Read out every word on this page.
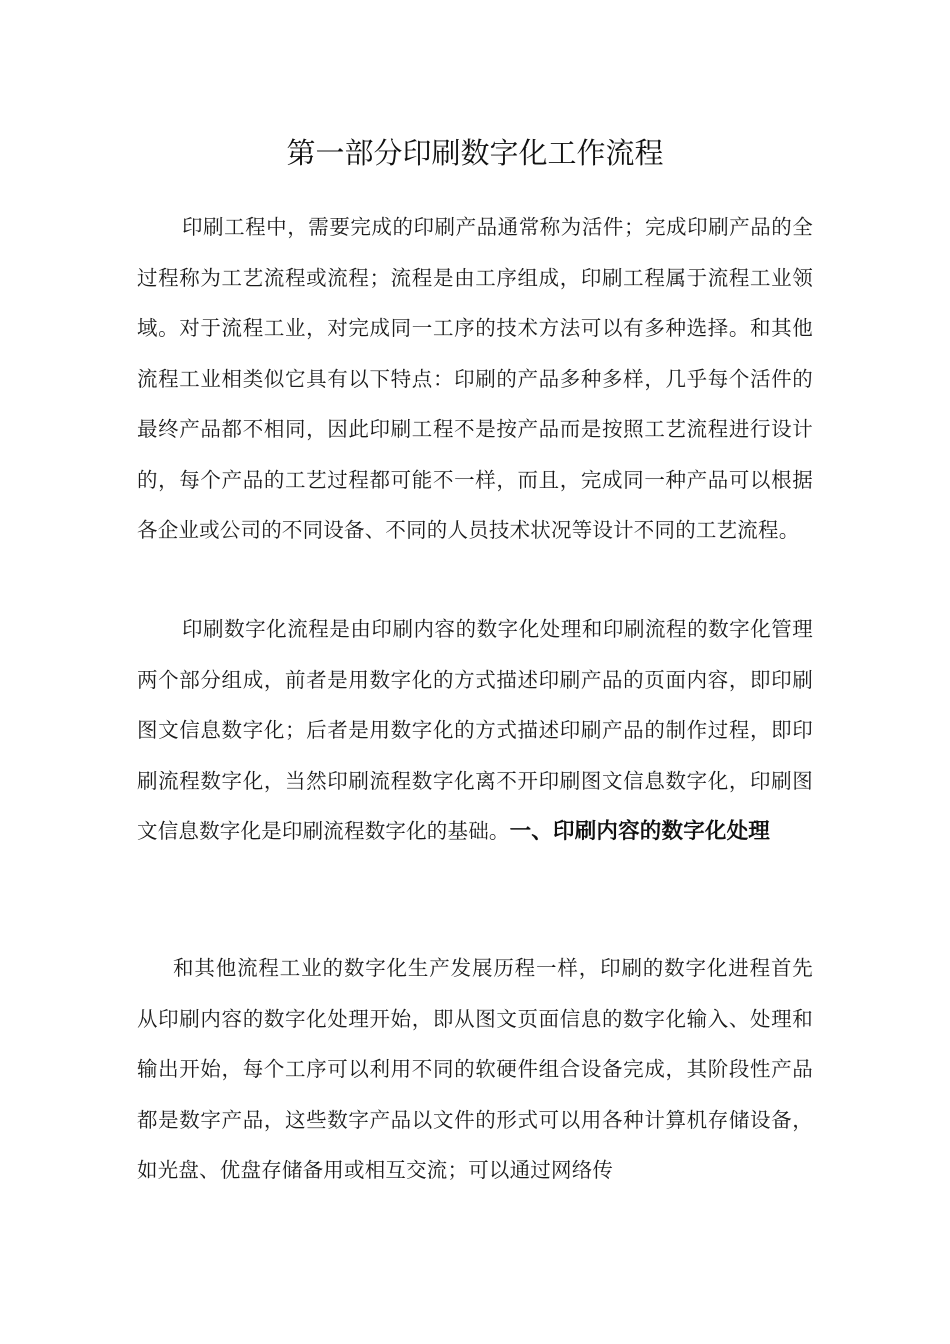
第一部分印刷数字化工作流程

印刷工程中，需要完成的印刷产品通常称为活件；完成印刷产品的全过程称为工艺流程或流程；流程是由工序组成，印刷工程属于流程工业领域。对于流程工业，对完成同一工序的技术方法可以有多种选择。和其他流程工业相类似它具有以下特点：印刷的产品多种多样，几乎每个活件的最终产品都不相同，因此印刷工程不是按产品而是按照工艺流程进行设计的，每个产品的工艺过程都可能不一样，而且，完成同一种产品可以根据各企业或公司的不同设备、不同的人员技术状况等设计不同的工艺流程。

印刷数字化流程是由印刷内容的数字化处理和印刷流程的数字化管理两个部分组成，前者是用数字化的方式描述印刷产品的页面内容，即印刷图文信息数字化；后者是用数字化的方式描述印刷产品的制作过程，即印刷流程数字化，当然印刷流程数字化离不开印刷图文信息数字化，印刷图文信息数字化是印刷流程数字化的基础。一、印刷内容的数字化处理

和其他流程工业的数字化生产发展历程一样，印刷的数字化进程首先从印刷内容的数字化处理开始，即从图文页面信息的数字化输入、处理和输出开始，每个工序可以利用不同的软硬件组合设备完成，其阶段性产品都是数字产品，这些数字产品以文件的形式可以用各种计算机存储设备，如光盘、优盘存储备用或相互交流；可以通过网络传
